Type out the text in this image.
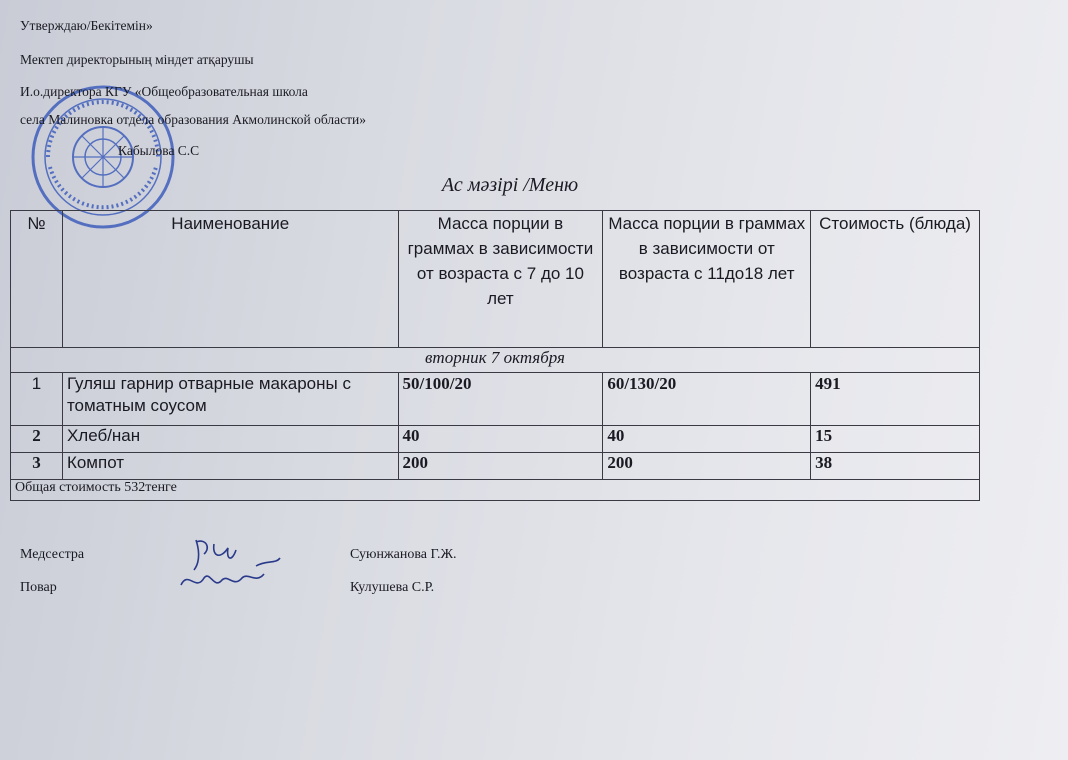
Утверждаю/Бекітемін»
Мектеп директорының міндет атқарушы
И.о.директора КГУ «Общеобразовательная школа
села Малиновка отдела образования Акмолинской области»
Кабылова С.С
Ас мәзірі /Меню
№	Наименование	Масса порции в граммах в зависимости от возраста с 7 до 10 лет	Масса порции в граммах в зависимости от возраста с 11до18 лет	Стоимость (блюда)
вторник 7 октября				
1	Гуляш гарнир отварные макароны с томатным соусом	50/100/20	60/130/20	491
2	Хлеб/нан	40	40	15
3	Компот	200	200	38
Общая стоимость 532тенге				
Медсестра	Суюнжанова Г.Ж.
Повар	Кулушева С.Р.
